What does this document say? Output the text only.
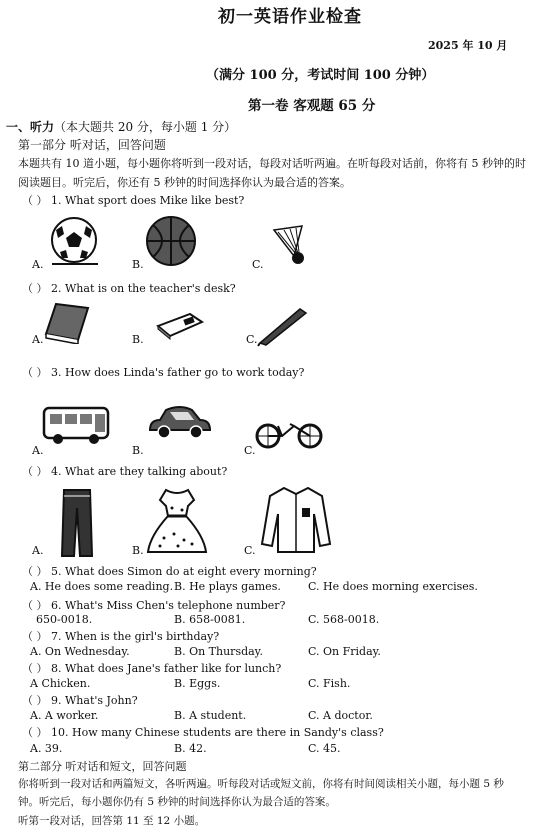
初一英语作业检查
2025 年 10 月
（满分 100 分，考试时间 100 分钟）
第一卷 客观题 65 分
一、听力（本大题共 20 分，每小题 1 分）
第一部分 听对话，回答问题
本题共有 10 道小题，每小题你将听到一段对话，每段对话听两遍。在听每段对话前，你将有 5 秒钟的时
阅读题目。听完后，你还有 5 秒钟的时间选择你认为最合适的答案。
（ ） 1. What sport does Mike like best?
A.	B.	C.
（ ） 2. What is on the teacher's desk?
A.	B.	C.
（ ） 3. How does Linda's father go to work today?
A.	B.	C.
（ ） 4. What are they talking about?
A.	B.	C.
（ ） 5. What does Simon do at eight every morning?
A. He does some reading. B. He plays games. C. He does morning exercises.
（ ） 6. What's Miss Chen's telephone number?
650-0018.	B. 658-0081.	C. 568-0018.
（ ） 7. When is the girl's birthday?
A. On Wednesday.	B. On Thursday.	C. On Friday.
（ ） 8. What does Jane's father like for lunch?
A Chicken.	B. Eggs.	C. Fish.
（ ） 9. What's John?
A. A worker.	B. A student.	C. A doctor.
（ ） 10. How many Chinese students are there in Sandy's class?
A. 39.	B. 42.	C. 45.
第二部分 听对话和短文，回答问题
你将听到一段对话和两篇短文，各听两遍。听每段对话或短文前，你将有时间阅读相关小题，每小题 5 秒
钟。听完后，每小题你仍有 5 秒钟的时间选择你认为最合适的答案。
听第一段对话，回答第 11 至 12 小题。
